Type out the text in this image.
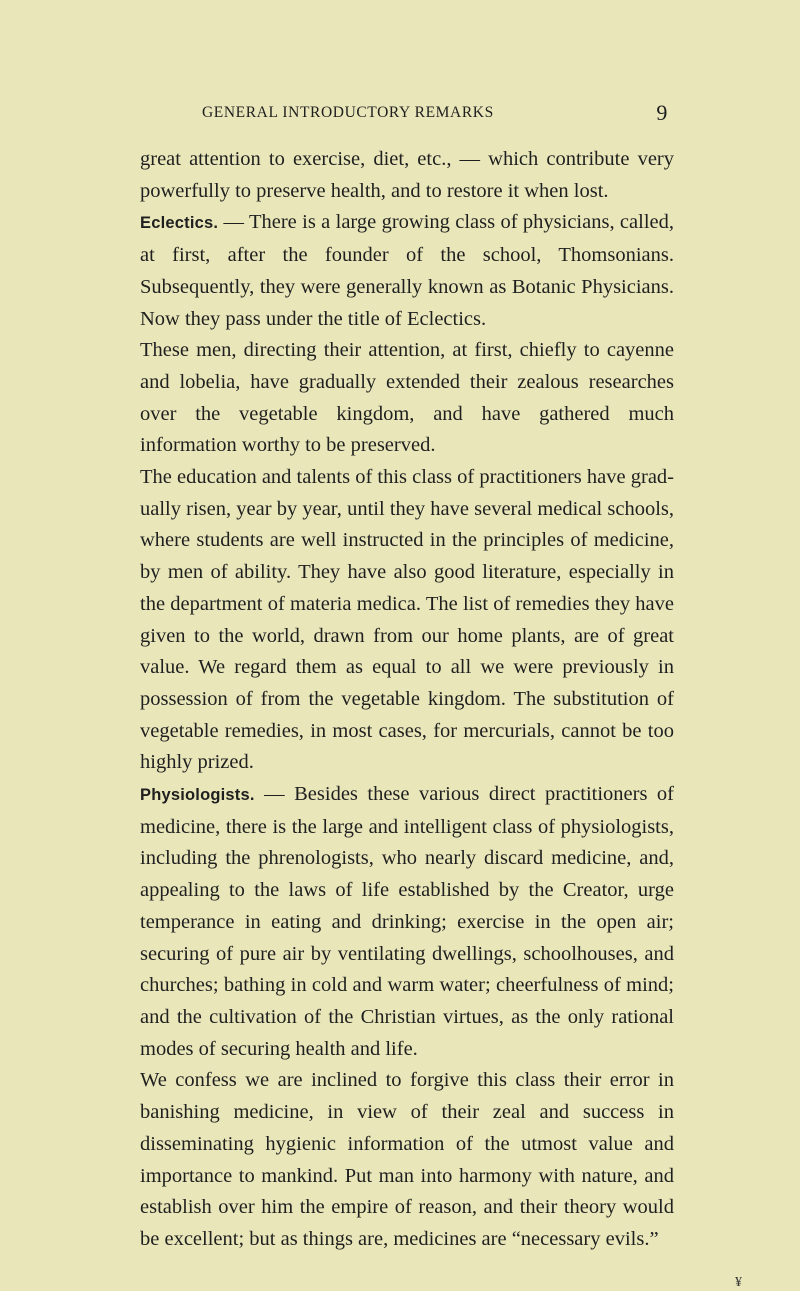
GENERAL INTRODUCTORY REMARKS	9

great attention to exercise, diet, etc., — which contribute very powerfully to preserve health, and to restore it when lost.

Eclectics. — There is a large growing class of physicians, called, at first, after the founder of the school, Thomsonians. Subsequently, they were generally known as Botanic Physicians. Now they pass under the title of Eclectics.

These men, directing their attention, at first, chiefly to cayenne and lobelia, have gradually extended their zealous researches over the vegetable kingdom, and have gathered much information worthy to be preserved.

The education and talents of this class of practitioners have gradually risen, year by year, until they have several medical schools, where students are well instructed in the principles of medicine, by men of ability. They have also good literature, especially in the department of materia medica. The list of remedies they have given to the world, drawn from our home plants, are of great value. We regard them as equal to all we were previously in possession of from the vegetable kingdom. The substitution of vegetable remedies, in most cases, for mercurials, cannot be too highly prized.

Physiologists. — Besides these various direct practitioners of medicine, there is the large and intelligent class of physiologists, including the phrenologists, who nearly discard medicine, and, appealing to the laws of life established by the Creator, urge temperance in eating and drinking; exercise in the open air; securing of pure air by ventilating dwellings, schoolhouses, and churches; bathing in cold and warm water; cheerfulness of mind; and the cultivation of the Christian virtues, as the only rational modes of securing health and life.

We confess we are inclined to forgive this class their error in banishing medicine, in view of their zeal and success in disseminating hygienic information of the utmost value and importance to mankind. Put man into harmony with nature, and establish over him the empire of reason, and their theory would be excellent; but as things are, medicines are “necessary evils.”

¥
